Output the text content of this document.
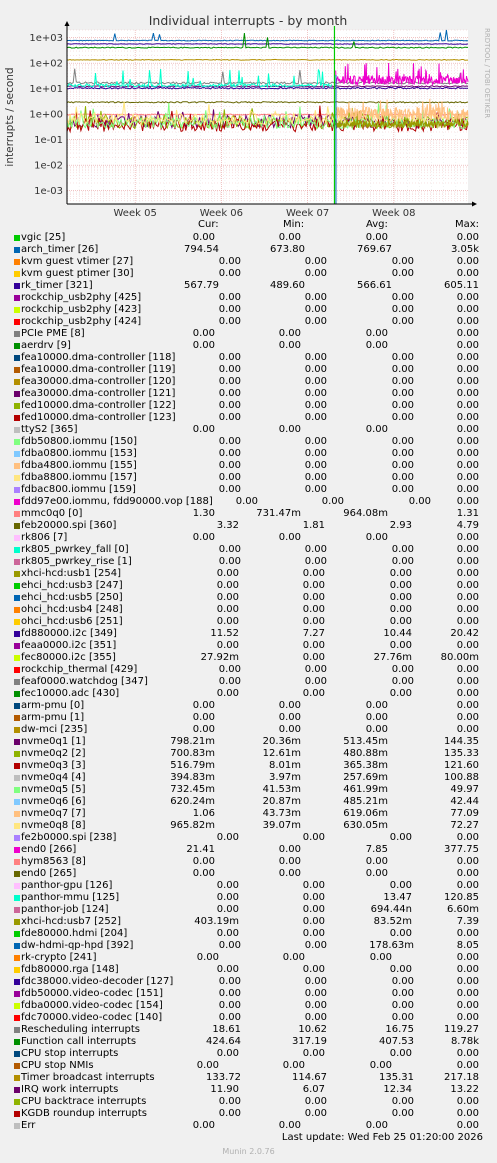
1e-03
1e-02
1e-01
1e+00
1e+01
1e+02
1e+03
Week 05	Week 06	Week 07	Week 08
Individual interrupts - by month
interrupts / second	RRDTOOL / TOBI OETIKER
Cur:	Min:	Avg:	Max:
vgic [25]	0.00	0.00	0.00	0.00
arch_timer [26]	794.54	673.80	769.67	3.05k
kvm guest vtimer [27]	0.00	0.00	0.00	0.00
kvm guest ptimer [30]	0.00	0.00	0.00	0.00
rk_timer [321]	567.79	489.60	566.61	605.11
rockchip_usb2phy [425]	0.00	0.00	0.00	0.00
rockchip_usb2phy [423]	0.00	0.00	0.00	0.00
rockchip_usb2phy [424]	0.00	0.00	0.00	0.00
PCIe PME [8]	0.00	0.00	0.00	0.00
aerdrv [9]	0.00	0.00	0.00	0.00
fea10000.dma-controller [118]	0.00	0.00	0.00	0.00
fea10000.dma-controller [119]	0.00	0.00	0.00	0.00
fea30000.dma-controller [120]	0.00	0.00	0.00	0.00
fea30000.dma-controller [121]	0.00	0.00	0.00	0.00
fed10000.dma-controller [122]	0.00	0.00	0.00	0.00
fed10000.dma-controller [123]	0.00	0.00	0.00	0.00
ttyS2 [365]	0.00	0.00	0.00	0.00
fdb50800.iommu [150]	0.00	0.00	0.00	0.00
fdba0800.iommu [153]	0.00	0.00	0.00	0.00
fdba4800.iommu [155]	0.00	0.00	0.00	0.00
fdba8800.iommu [157]	0.00	0.00	0.00	0.00
fdbac800.iommu [159]	0.00	0.00	0.00	0.00
fdd97e00.iommu, fdd90000.vop [188] 0.00	0.00	0.00	0.00
mmc0q0 [0]	1.30	731.47m	964.08m	1.31
feb20000.spi [360]	3.32	1.81	2.93	4.79
rk806 [7]	0.00	0.00	0.00	0.00
rk805_pwrkey_fall [0]	0.00	0.00	0.00	0.00
rk805_pwrkey_rise [1]	0.00	0.00	0.00	0.00
xhci-hcd:usb1 [254]	0.00	0.00	0.00	0.00
ehci_hcd:usb3 [247]	0.00	0.00	0.00	0.00
ehci_hcd:usb5 [250]	0.00	0.00	0.00	0.00
ohci_hcd:usb4 [248]	0.00	0.00	0.00	0.00
ohci_hcd:usb6 [251]	0.00	0.00	0.00	0.00
fd880000.i2c [349]	11.52	7.27	10.44	20.42
feaa0000.i2c [351]	0.00	0.00	0.00	0.00
fec80000.i2c [355]	27.92m	0.00	27.76m	80.00m
rockchip_thermal [429]	0.00	0.00	0.00	0.00
feaf0000.watchdog [347]	0.00	0.00	0.00	0.00
fec10000.adc [430]	0.00	0.00	0.00	0.00
arm-pmu [0]	0.00	0.00	0.00	0.00
arm-pmu [1]	0.00	0.00	0.00	0.00
dw-mci [235]	0.00	0.00	0.00	0.00
nvme0q1 [1]	798.21m	20.36m	513.45m	144.35
nvme0q2 [2]	700.83m	12.61m	480.88m	135.33
nvme0q3 [3]	516.79m	8.01m	365.38m	121.60
nvme0q4 [4]	394.83m	3.97m	257.69m	100.88
nvme0q5 [5]	732.45m	41.53m	461.99m	49.97
nvme0q6 [6]	620.24m	20.87m	485.21m	42.44
nvme0q7 [7]	1.06	43.73m	619.06m	77.09
nvme0q8 [8]	965.82m	39.07m	630.05m	72.27
fe2b0000.spi [238]	0.00	0.00	0.00	0.00
end0 [266]	21.41	0.00	7.85	377.75
hym8563 [8]	0.00	0.00	0.00	0.00
end0 [265]	0.00	0.00	0.00	0.00
panthor-gpu [126]	0.00	0.00	0.00	0.00
panthor-mmu [125]	0.00	0.00	13.47	120.85
panthor-job [124]	0.00	0.00	694.44n	6.60m
xhci-hcd:usb7 [252]	403.19m	0.00	83.52m	7.39
fde80000.hdmi [204]	0.00	0.00	0.00	0.00
dw-hdmi-qp-hpd [392]	0.00	0.00	178.63m	8.05
rk-crypto [241]	0.00	0.00	0.00	0.00
fdb80000.rga [148]	0.00	0.00	0.00	0.00
fdc38000.video-decoder [127]	0.00	0.00	0.00	0.00
fdb50000.video-codec [151]	0.00	0.00	0.00	0.00
fdba0000.video-codec [154]	0.00	0.00	0.00	0.00
fdc70000.video-codec [140]	0.00	0.00	0.00	0.00
Rescheduling interrupts	18.61	10.62	16.75	119.27
Function call interrupts	424.64	317.19	407.53	8.78k
CPU stop interrupts	0.00	0.00	0.00	0.00
CPU stop NMIs	0.00	0.00	0.00	0.00
Timer broadcast interrupts	133.72	114.67	135.31	217.18
IRQ work interrupts	11.90	6.07	12.34	13.22
CPU backtrace interrupts	0.00	0.00	0.00	0.00
KGDB roundup interrupts	0.00	0.00	0.00	0.00
Err	0.00	0.00	0.00	0.00
Last update: Wed Feb 25 01:20:00 2026
Munin 2.0.76
